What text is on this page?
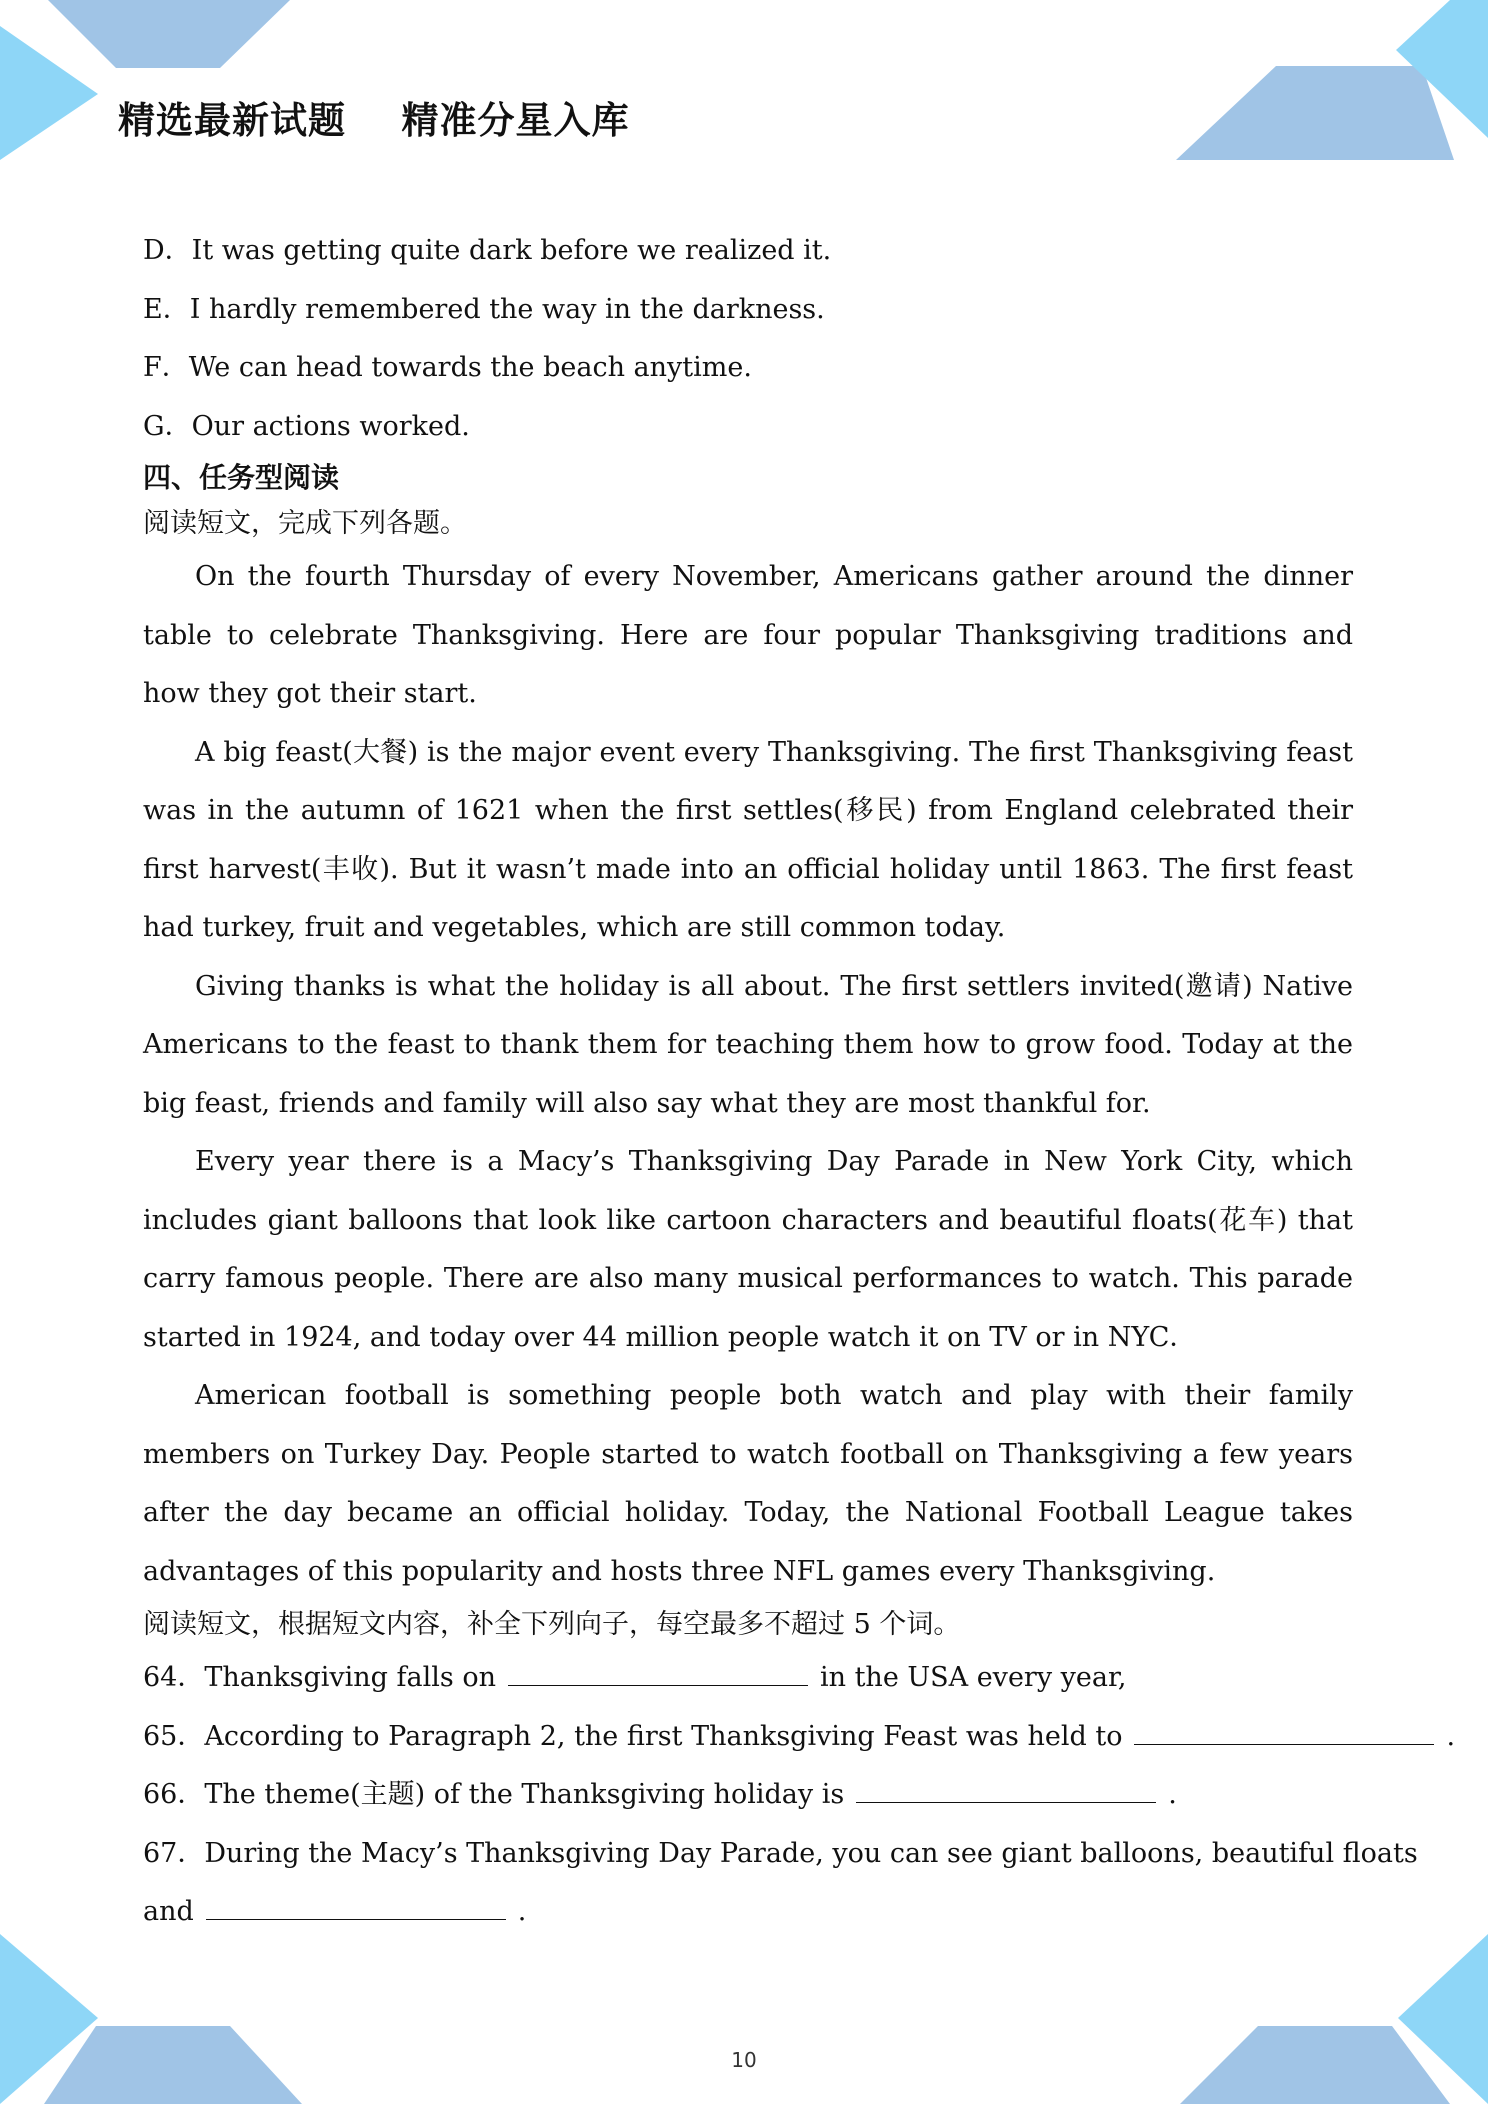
精选最新试题    精准分星入库

D．It was getting quite dark before we realized it.

E．I hardly remembered the way in the darkness.

F．We can head towards the beach anytime.

G．Our actions worked.

四、任务型阅读

阅读短文，完成下列各题。

On the fourth Thursday of every November, Americans gather around the dinner table to celebrate Thanksgiving. Here are four popular Thanksgiving traditions and how they got their start.

A big feast(大餐) is the major event every Thanksgiving. The first Thanksgiving feast was in the autumn of 1621 when the first settles(移民) from England celebrated their first harvest(丰收). But it wasn’t made into an official holiday until 1863. The first feast had turkey, fruit and vegetables, which are still common today.

Giving thanks is what the holiday is all about. The first settlers invited(邀请) Native Americans to the feast to thank them for teaching them how to grow food. Today at the big feast, friends and family will also say what they are most thankful for.

Every year there is a Macy’s Thanksgiving Day Parade in New York City, which includes giant balloons that look like cartoon characters and beautiful floats(花车) that carry famous people. There are also many musical performances to watch. This parade started in 1924, and today over 44 million people watch it on TV or in NYC．

American football is something people both watch and play with their family members on Turkey Day. People started to watch football on Thanksgiving a few years after the day became an official holiday. Today, the National Football League takes advantages of this popularity and hosts three NFL games every Thanksgiving.

阅读短文，根据短文内容，补全下列向子，每空最多不超过 5 个词。

64．Thanksgiving falls on	in the USA every year,

65．According to Paragraph 2, the first Thanksgiving Feast was held to	.

66．The theme(主题) of the Thanksgiving holiday is	.

67．During the Macy’s Thanksgiving Day Parade, you can see giant balloons, beautiful floats

and	.

10
